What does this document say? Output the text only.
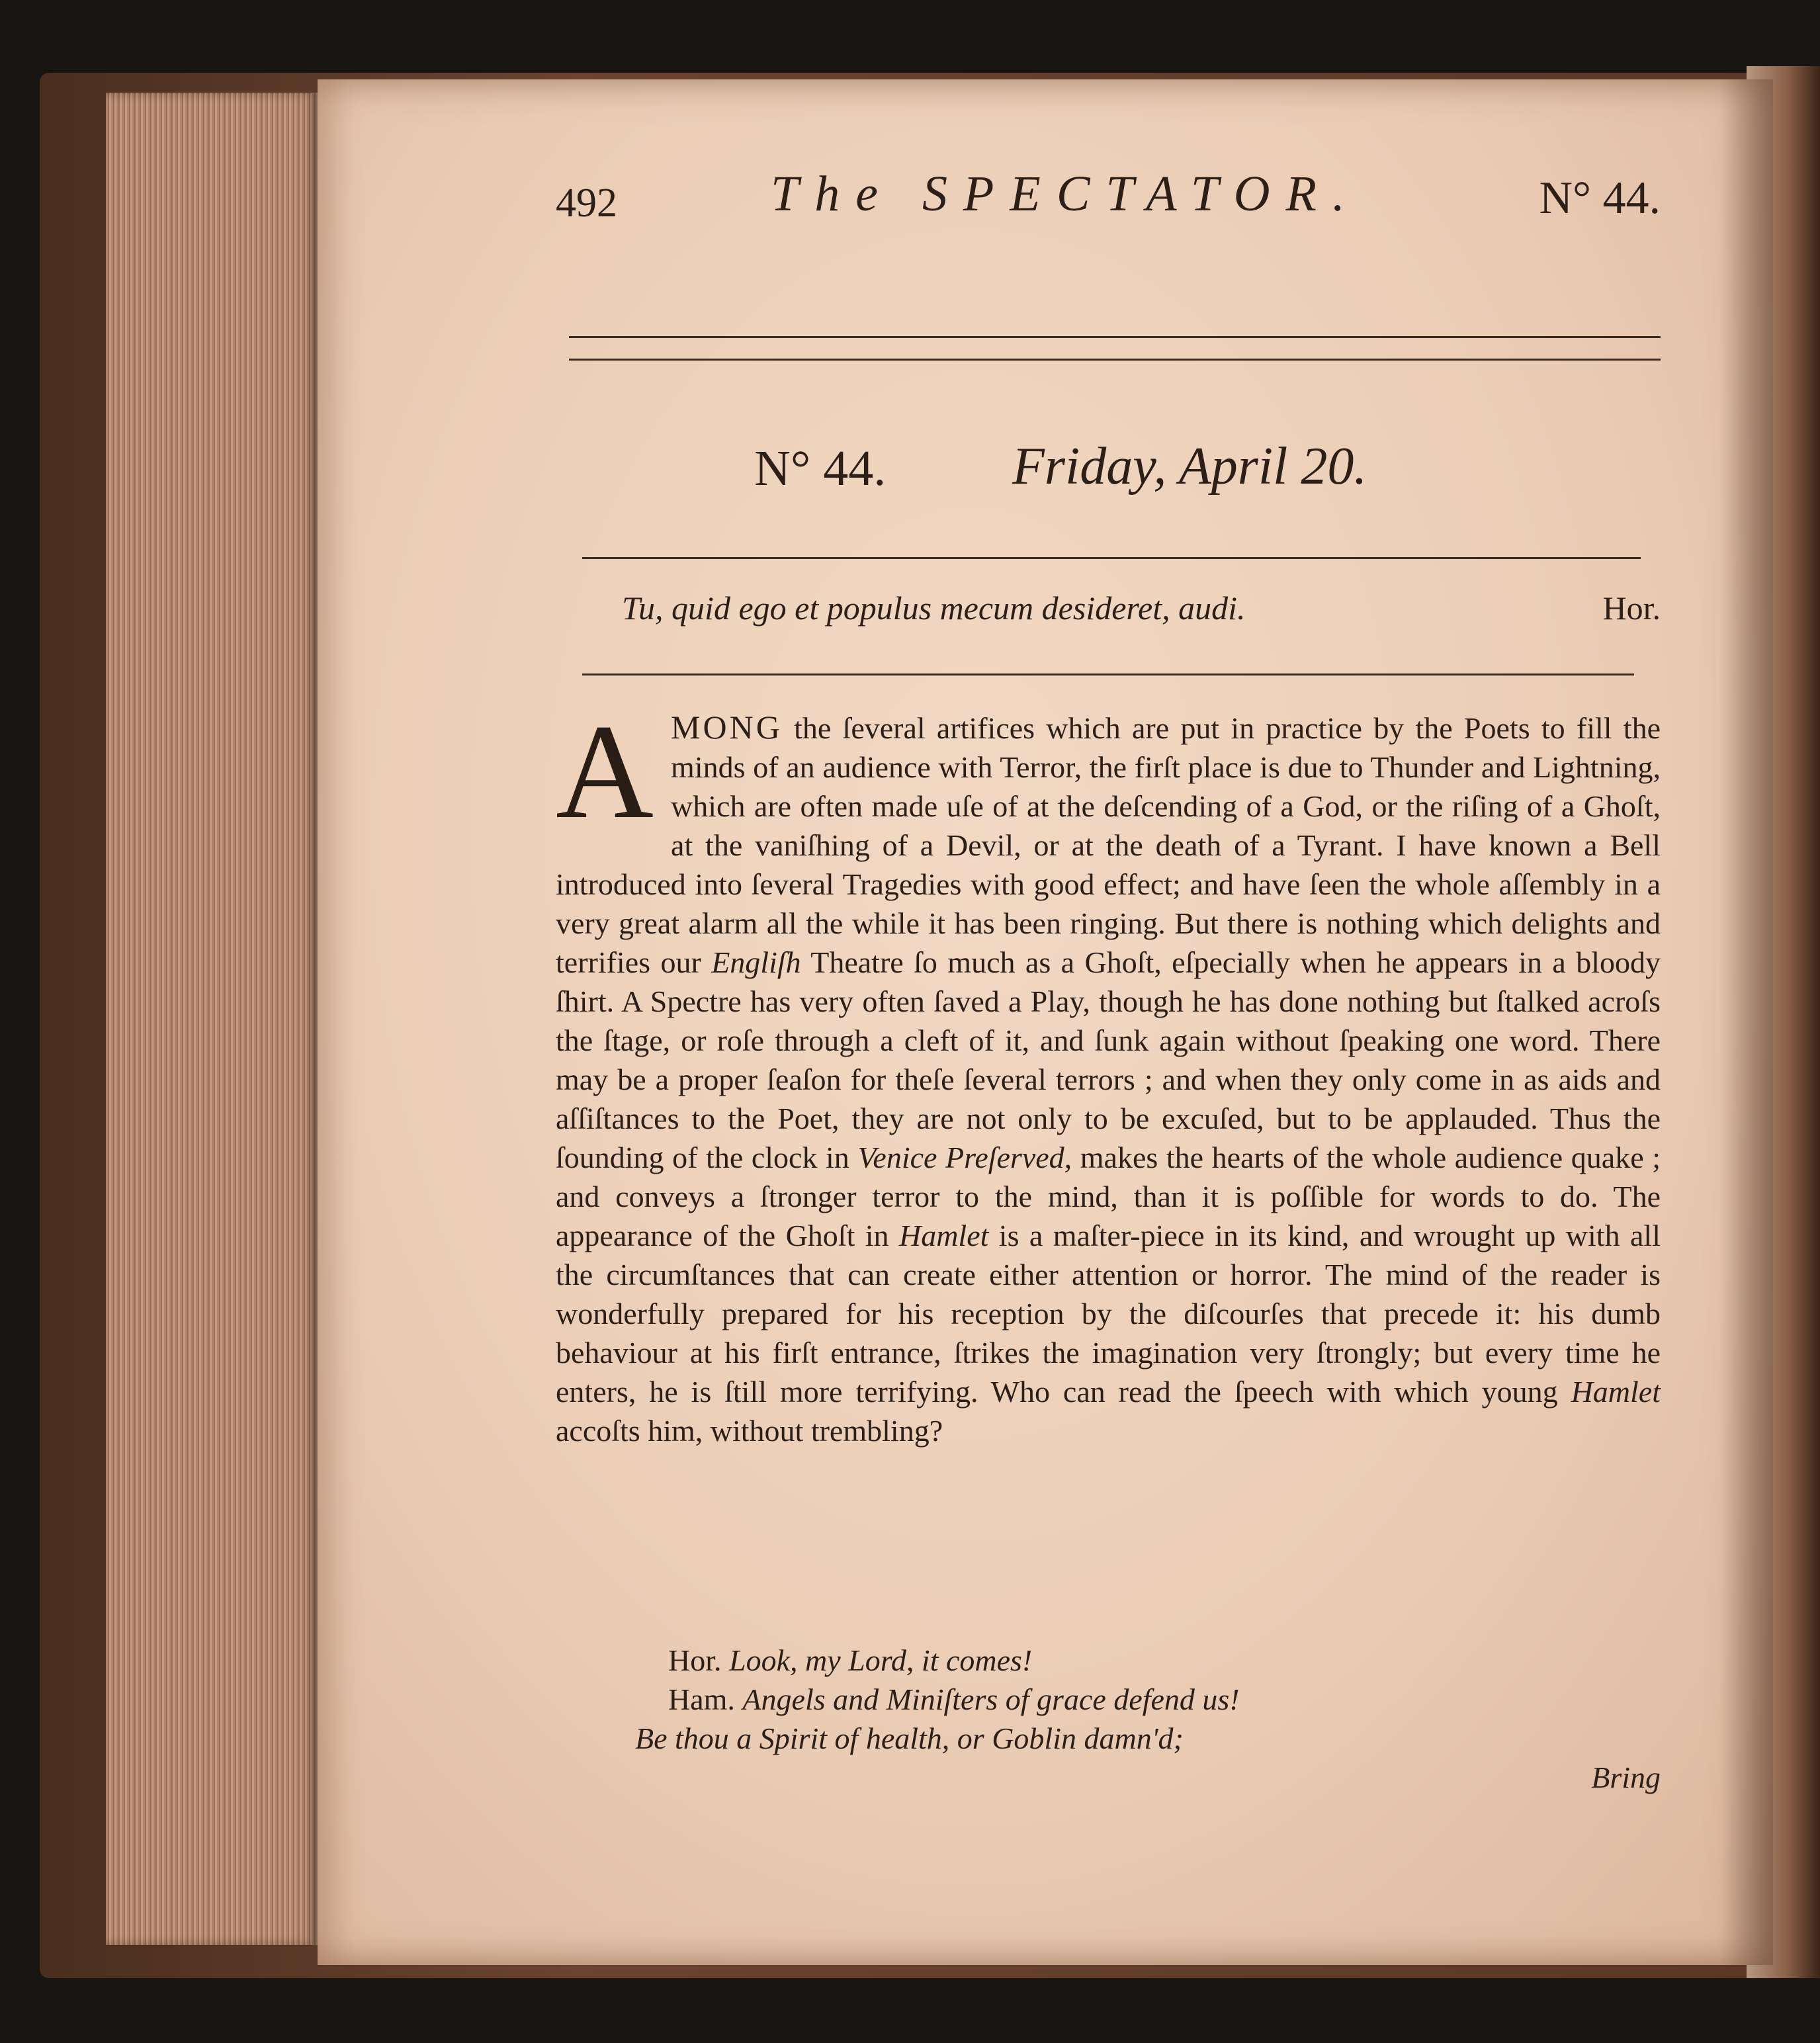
492	The SPECTATOR.	N° 44.
N° 44. Friday, April 20.
Tu, quid ego et populus mecum desideret, audi.	Hor.
A MONG the ſeveral artifices which are put in practice by the Poets to fill the minds of an audience with Terror, the firſt place is due to Thunder and Lightning, which are often made uſe of at the deſcending of a God, or the riſing of a Ghoſt, at the vaniſhing of a Devil, or at the death of a Tyrant. I have known a Bell introduced into ſeveral Tragedies with good effect; and have ſeen the whole aſſembly in a very great alarm all the while it has been ringing. But there is nothing which delights and terrifies our Engliſh Theatre ſo much as a Ghoſt, eſpecially when he appears in a bloody ſhirt. A Spectre has very often ſaved a Play, though he has done nothing but ſtalked acroſs the ſtage, or roſe through a cleft of it, and ſunk again without ſpeaking one word. There may be a proper ſeaſon for theſe ſeveral terrors ; and when they only come in as aids and aſſiſtances to the Poet, they are not only to be excuſed, but to be applauded. Thus the ſounding of the clock in Venice Preſerved, makes the hearts of the whole audience quake ; and conveys a ſtronger terror to the mind, than it is poſſible for words to do. The appearance of the Ghoſt in Hamlet is a maſter-piece in its kind, and wrought up with all the circumſtances that can create either attention or horror. The mind of the reader is wonderfully prepared for his reception by the diſcourſes that precede it: his dumb behaviour at his firſt entrance, ſtrikes the imagination very ſtrongly; but every time he enters, he is ſtill more terrifying. Who can read the ſpeech with which young Hamlet accoſts him, without trembling?
Hor. Look, my Lord, it comes!
Ham. Angels and Miniſters of grace defend us!
Be thou a Spirit of health, or Goblin damn'd;
Bring
